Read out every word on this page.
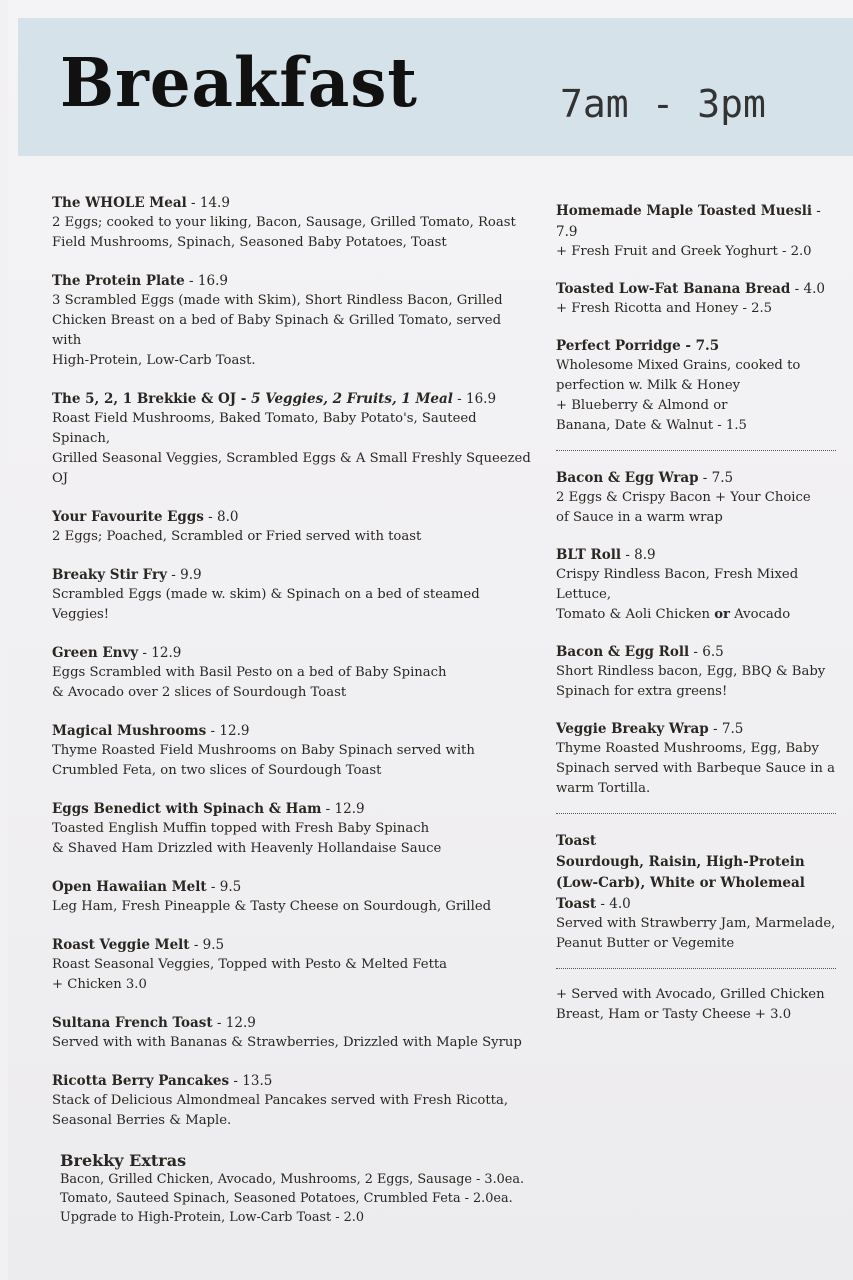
Breakfast	7am - 3pm
The WHOLE Meal - 14.9
2 Eggs; cooked to your liking, Bacon, Sausage, Grilled Tomato, Roast
Field Mushrooms, Spinach, Seasoned Baby Potatoes, Toast
The Protein Plate - 16.9
3 Scrambled Eggs (made with Skim), Short Rindless Bacon, Grilled
Chicken Breast on a bed of Baby Spinach & Grilled Tomato, served with
High-Protein, Low-Carb Toast.
The 5, 2, 1 Brekkie & OJ - 5 Veggies, 2 Fruits, 1 Meal - 16.9
Roast Field Mushrooms, Baked Tomato, Baby Potato's, Sauteed Spinach,
Grilled Seasonal Veggies, Scrambled Eggs & A Small Freshly Squeezed OJ
Your Favourite Eggs - 8.0
2 Eggs; Poached, Scrambled or Fried served with toast
Breaky Stir Fry - 9.9
Scrambled Eggs (made w. skim) & Spinach on a bed of steamed Veggies!
Green Envy - 12.9
Eggs Scrambled with Basil Pesto on a bed of Baby Spinach
& Avocado over 2 slices of Sourdough Toast
Magical Mushrooms - 12.9
Thyme Roasted Field Mushrooms on Baby Spinach served with
Crumbled Feta, on two slices of Sourdough Toast
Eggs Benedict with Spinach & Ham - 12.9
Toasted English Muffin topped with Fresh Baby Spinach
& Shaved Ham Drizzled with Heavenly Hollandaise Sauce
Open Hawaiian Melt - 9.5
Leg Ham, Fresh Pineapple & Tasty Cheese on Sourdough, Grilled
Roast Veggie Melt - 9.5
Roast Seasonal Veggies, Topped with Pesto & Melted Fetta
+ Chicken 3.0
Sultana French Toast - 12.9
Served with with Bananas & Strawberries, Drizzled with Maple Syrup
Ricotta Berry Pancakes - 13.5
Stack of Delicious Almondmeal Pancakes served with Fresh Ricotta,
Seasonal Berries & Maple.
Brekky Extras
Bacon, Grilled Chicken, Avocado, Mushrooms, 2 Eggs, Sausage - 3.0ea.
Tomato, Sauteed Spinach, Seasoned Potatoes, Crumbled Feta - 2.0ea.
Upgrade to High-Protein, Low-Carb Toast - 2.0
Homemade Maple Toasted Muesli - 7.9
+ Fresh Fruit and Greek Yoghurt - 2.0
Toasted Low-Fat Banana Bread - 4.0
+ Fresh Ricotta and Honey - 2.5
Perfect Porridge - 7.5
Wholesome Mixed Grains, cooked to
perfection w. Milk & Honey
+ Blueberry & Almond or
Banana, Date & Walnut - 1.5
Bacon & Egg Wrap - 7.5
2 Eggs & Crispy Bacon + Your Choice
of Sauce in a warm wrap
BLT Roll - 8.9
Crispy Rindless Bacon, Fresh Mixed Lettuce,
Tomato & Aoli Chicken or Avocado
Bacon & Egg Roll - 6.5
Short Rindless bacon, Egg, BBQ & Baby
Spinach for extra greens!
Veggie Breaky Wrap - 7.5
Thyme Roasted Mushrooms, Egg, Baby
Spinach served with Barbeque Sauce in a
warm Tortilla.
Toast
Sourdough, Raisin, High-Protein (Low-Carb), White or Wholemeal Toast - 4.0
Served with Strawberry Jam, Marmelade,
Peanut Butter or Vegemite
+ Served with Avocado, Grilled Chicken
Breast, Ham or Tasty Cheese + 3.0
